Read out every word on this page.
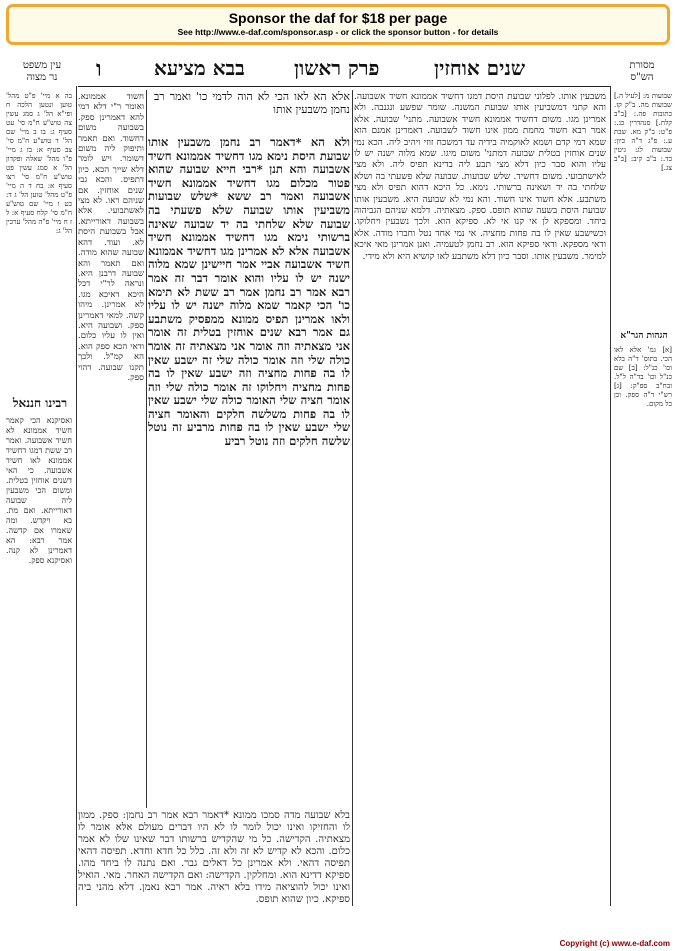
Sponsor the daf for $18 per page
See http://www.e-daf.com/sponsor.asp - or click the sponsor button - for details
עין משפט
נר מצוה	ו	בבא מציעא פרק ראשון	שנים אוחזין	מסורת
הש"ס
אלא הא לאו הכי לא הוה לדמי כו' ואמר רב נחמן משבעין אותו
ולא הא *דאמר רב נחמן משבעין אותו שבועת היסת נימא מגו דחשיד אממונא חשיד אשבועה והא תנן *רבי חייא שבועה שהוא פטור מכלום מגו דחשיד אממונא חשיד אשבועה ואמר רב ששא *שלש שבועות משביעין אותו שבועה שלא פשעתי בה שבועה שלא שלחתי בה יד שבועה שאינה ברשותי נימא מגו דחשיד אממונא חשיד אשבועה אלא לא אמרינן מגו דחשיד אממונא חשיד אשבועה אביי אמר חיישינן שמא מלוה ישנה יש לו עליו והוא אומר דבר זה אמר רבא אמר רב נחמן אמר רב ששת לא תימא כו' הכי קאמר שמא מלוה ישנה יש לו עליו ולאו אמרינן תפיס ממונא ממפסיק משתבע גם אמר רבא שנים אוחזין בטלית זה אומר אני מצאתיה וזה אומר אני מצאתיה זה אומר כולה שלי וזה אומר כולה שלי זה ישבע שאין לו בה פחות מחציה וזה ישבע שאין לו בה פחות מחציה ויחלוקו זה אומר כולה שלי וזה אומר חציה שלי האומר כולה שלי ישבע שאין לו בה פחות משלשה חלקים והאומר חציה שלי ישבע שאין לו בה פחות מרביע זה נוטל שלשה חלקים וזה נוטל רביע
משבעין אותו. לפלוני שבועת היסת דמגו דחשיד אממונא חשיד אשבועה. והא קתני דמשביעין אותו שבועת המשנה. שומר שפשע ונגנבה. ולא אמרינן מגו. משום דחשיד אממונא חשיד אשבועה. מתני' שבועה. אלא אמר רבא חשוד מחמת ממון אינו חשוד לשבועה. דאמרינן אמנם הוא שמא דמי קדם ושמא לאוקמיה בידיה עד דמשכח זוזי ויהיב ליה. הכא נמי שנים אוחזין בטלית שבועה דמתני' משום מיגו. שמא מלוה ישנה יש לו עליו והוא סבר כיון דלא מצי תבע ליה בדינא תפיס ליה. ולא מצי לאישתבועי. משום דחשיד. שלש שבועות. שבועה שלא פשעתי בה ושלא שלחתי בה יד ושאינה ברשותי. נימא. כל היכא דהוא תפיס ולא מצי משתבע. אלא חשוד אינו חשוד. והא נמי לא שבועה היא. משבעין אותו שבועת היסת בשעה שהוא תופס. ספק. מצאתיה. דלמא שניהם הגביהוה ביחד. ומספקא לן אי קנו אי לא. ספיקא הוא. ולכך נשבעין ויחלוקו. וכשישבע שאין לו בה פחות מחציה. אי נמי אחד נטל וחברו מודה. אלא ודאי מספקא. ודאי ספיקא הוא. רב נחמן לטעמיה. ואנן אמרינן מאי איכא למימר. משבעין אותו. וסבר כיון דלא משתבע לאו קושיא היא ולא מידי.
חשוד אממונא. ואומר ר"י דלא דמי להא דאמרינן ספק. בשבועה משום דחשוד. ואם תאמר ותיפוק ליה משום דשומר. ויש לומר דלא שייך הכא. כיון דתפיס. והכא גבי שנים אוחזין. אם שניהם ראו. לא מצי לאשתבועי. אלא בשבועה דאורייתא. אבל בשבועת היסת לא. ועוד. דהא שבועה שהוא מודה. ואם תאמר והא שבועה דרבנן היא. ונראה לר"י דכל היכא דאיכא מגו. לא אמרינן. מיהו קשה. למאי דאמרינן ספק. ושבועה היא. ואין לו עליו כלום. ודאי הכא ספק הוא. הא קמ"ל. ולכך תקנו שבועה. דהוי ספק.
בלא שבועה מדה סמכו ממונא *דאמר רבא אמר רב נחמן: ספק. ממון לו והחזיקו ואינו יכול לומר לו לא היו דברים מעולם אלא אומר לו מצאתיה. הקדישה. כל מי שהקדיש ברשותו דבר שאינו שלו לא אמר כלום. והכא לא קדיש לא זה ולא זה. כלל כל חדא וחדא. תפיסה דהאי תפיסה דהאי. ולא אמרינן כל דאלים גבר. ואם נתנה לו ביחד מהו. ספיקא דדינא הוא. ומחלקין. הקדישה: ואם הקדישה האחר. מאי. הואיל ואינו יכול להוציאה מידו בלא ראיה. אמר רבא נאמן. דלא מהני ביה ספיקא. כיון שהוא תופס.
בה א מיי' פ"ט מהל' טוען ונטען הלכה ח ופי"א הל' ג סמג עשין צה טוש"ע ח"מ סי' עט סעיף ג: בו ב מיי' שם הל' ד טוש"ע ח"מ סי' צב סעיף א: בז ג מיי' פ"ו מהל' שאלה ופקדון הל' א סמג עשין פט טוש"ע ח"מ סי' רצו סעיף א: בח ד ה מיי' פ"ט מהל' טוען הל' ג ד: כט ו מיי' שם טוש"ע ח"מ סי' קלח סעיף א: ל ז ח מיי' פ"ה מהל' ערכין הל' ג:
רבינו חננאל
ואסיקנא הכי קאמר חשיד אממונא לא חשיד אשבועה. ואמר רב ששת דמגו דחשיד אממונא לאו חשיד אשבועה. כי האי דשנים אוחזין בטלית. ומשום הכי משבעין ליה שבועה דאורייתא. ואם מת. בא ויקדש. ומה שאמרו אם קדשה. אמר רבא: הא דאמרינן לא קנה. ואסיקנא ספק.
שבועות מ: [לעיל ה.] שבועות מה. ב"ק קז. כתובות פה.: [ב"ב קלח.] סנהדרין כג.: פ"ט: ב"ק מא. שבת ע.: פ"ג ד"ה כיון: שבועות לג: גיטין כד.: ב"ב קיב: [ב"ב צג.]
הגהות הגר"א
[א] גמ' אלא לאו הכי. בתוס' ד"ה בלא וכו' כנ"ל: [ב] שם כנ"ל וכו' בד"ה ל"ל. ובח"ב ספ"ק: [ג] רש"י ד"ה ספק. וכן כל מקום.
Copyright (c) www.e-daf.com
